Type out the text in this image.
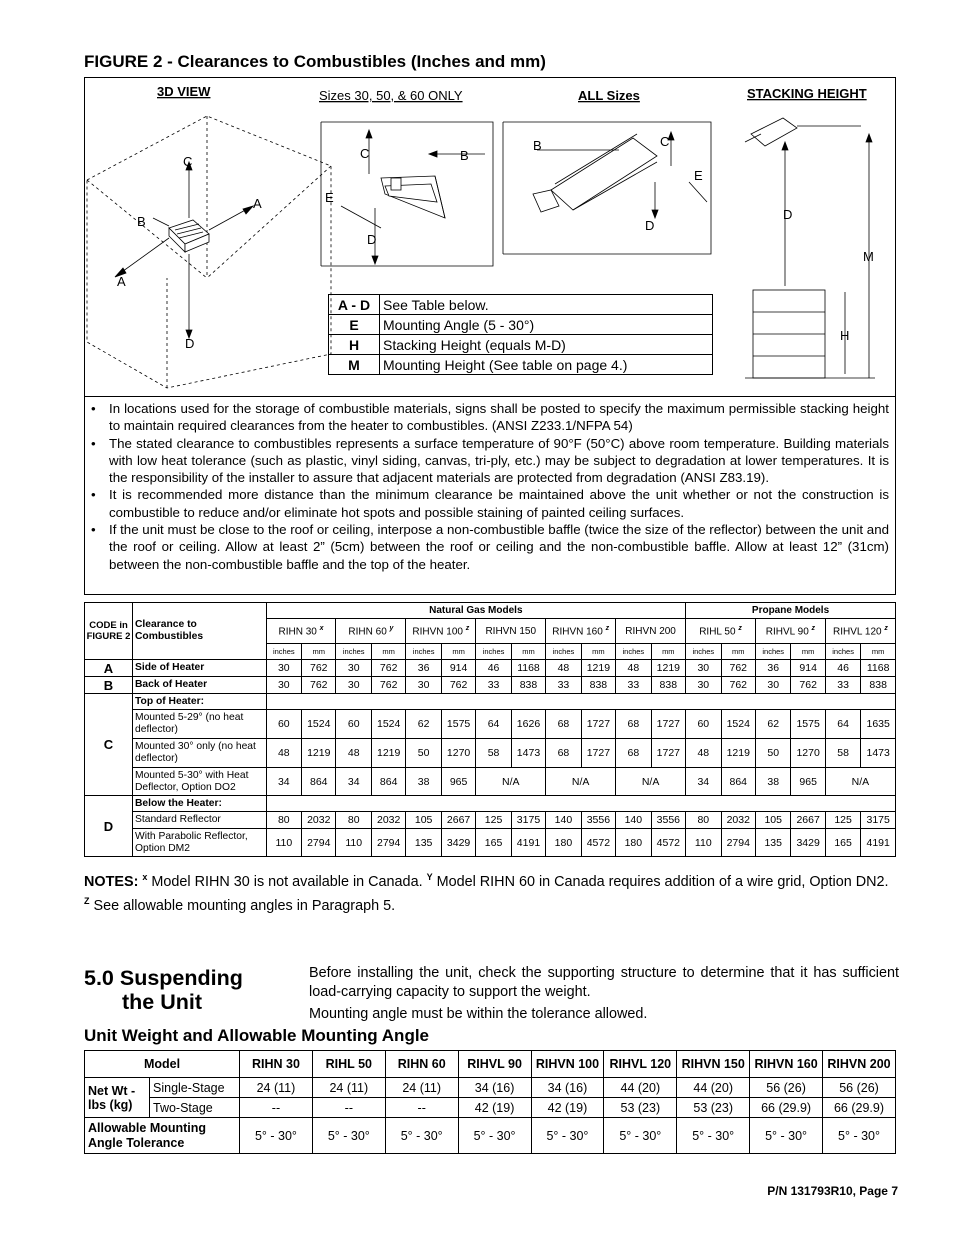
FIGURE 2 - Clearances to Combustibles (Inches and mm)
3D VIEW
C
B
A
A
D
Sizes 30, 50, & 60 ONLY
C	B
E
D
ALL Sizes
B	C
E
D
STACKING HEIGHT
D
M
H
A - D	See Table below.
E	Mounting Angle (5 - 30°)
H	Stacking Height (equals M-D)
M	Mounting Height (See table on page 4.)
• In locations used for the storage of combustible materials, signs shall be posted to specify the maximum permissible stacking height to maintain required clearances from the heater to combustibles. (ANSI Z233.1/NFPA 54)
• The stated clearance to combustibles represents a surface temperature of 90°F (50°C) above room temperature. Building materials with low heat tolerance (such as plastic, vinyl siding, canvas, tri-ply, etc.) may be subject to degradation at lower temperatures. It is the responsibility of the installer to assure that adjacent materials are protected from degradation (ANSI Z83.19).
• It is recommended more distance than the minimum clearance be maintained above the unit whether or not the construction is combustible to reduce and/or eliminate hot spots and possible staining of painted ceiling surfaces.
• If the unit must be close to the roof or ceiling, interpose a non-combustible baffle (twice the size of the reflector) between the unit and the roof or ceiling. Allow at least 2” (5cm) between the roof or ceiling and the non-combustible baffle. Allow at least 12” (31cm) between the non-combustible baffle and the top of the heater.
CODE in FIGURE 2	Clearance to Combustibles	Natural Gas Models												Propane Models					
		RIHN 30 $^x$		RIHN 60 $^y$		RIHVN 100 $^z$		RIHVN 150		RIHVN 160 $^z$		RIHVN 200		RIHL 50 $^z$		RIHVL 90 $^z$		RIHVL 120 $^z$
		inches	mm	inches	mm	inches	mm	inches	mm	inches	mm	inches	mm	inches	mm	inches	mm	inches	mm
A	Side of Heater	30	762	30	762	36	914	46	1168	48	1219	48	1219	30	762	36	914	46	1168
B	Back of Heater	30	762	30	762	30	762	33	838	33	838	33	838	30	762	30	762	33	838
C	Top of Heater:																		
	Mounted 5-29° (no heat deflector)	60	1524	60	1524	62	1575	64	1626	68	1727	68	1727	60	1524	62	1575	64	1635
	Mounted 30° only (no heat deflector)	48	1219	48	1219	50	1270	58	1473	68	1727	68	1727	48	1219	50	1270	58	1473
	Mounted 5-30° with Heat Deflector, Option DO2	34	864	34	864	38	965	N/A		N/A		N/A		34	864	38	965	N/A	
D	Below the Heater:																		
	Standard Reflector	80	2032	80	2032	105	2667	125	3175	140	3556	140	3556	80	2032	105	2667	125	3175
	With Parabolic Reflector, Option DM2	110	2794	110	2794	135	3429	165	4191	180	4572	180	4572	110	2794	135	3429	165	4191
NOTES: $^x$ Model RIHN 30 is not available in Canada. $^Y$ Model RIHN 60 in Canada requires addition of a wire grid, Option DN2. $^Z$ See allowable mounting angles in Paragraph 5.
5.0 Suspending
the Unit

Before installing the unit, check the supporting structure to determine that it has sufficient load-carrying capacity to support the weight.

Mounting angle must be within the tolerance allowed.

Unit Weight and Allowable Mounting Angle
Model		RIHN 30	RIHL 50	RIHN 60	RIHVL 90	RIHVN 100	RIHVL 120	RIHVN 150	RIHVN 160	RIHVN 200
Net Wt - lbs (kg)	Single-Stage	24 (11)	24 (11)	24 (11)	34 (16)	34 (16)	44 (20)	44 (20)	56 (26)	56 (26)
	Two-Stage	--	--	--	42 (19)	42 (19)	53 (23)	53 (23)	66 (29.9)	66 (29.9)
Allowable Mounting Angle Tolerance		5° - 30°	5° - 30°	5° - 30°	5° - 30°	5° - 30°	5° - 30°	5° - 30°	5° - 30°	5° - 30°
P/N 131793R10, Page 7
